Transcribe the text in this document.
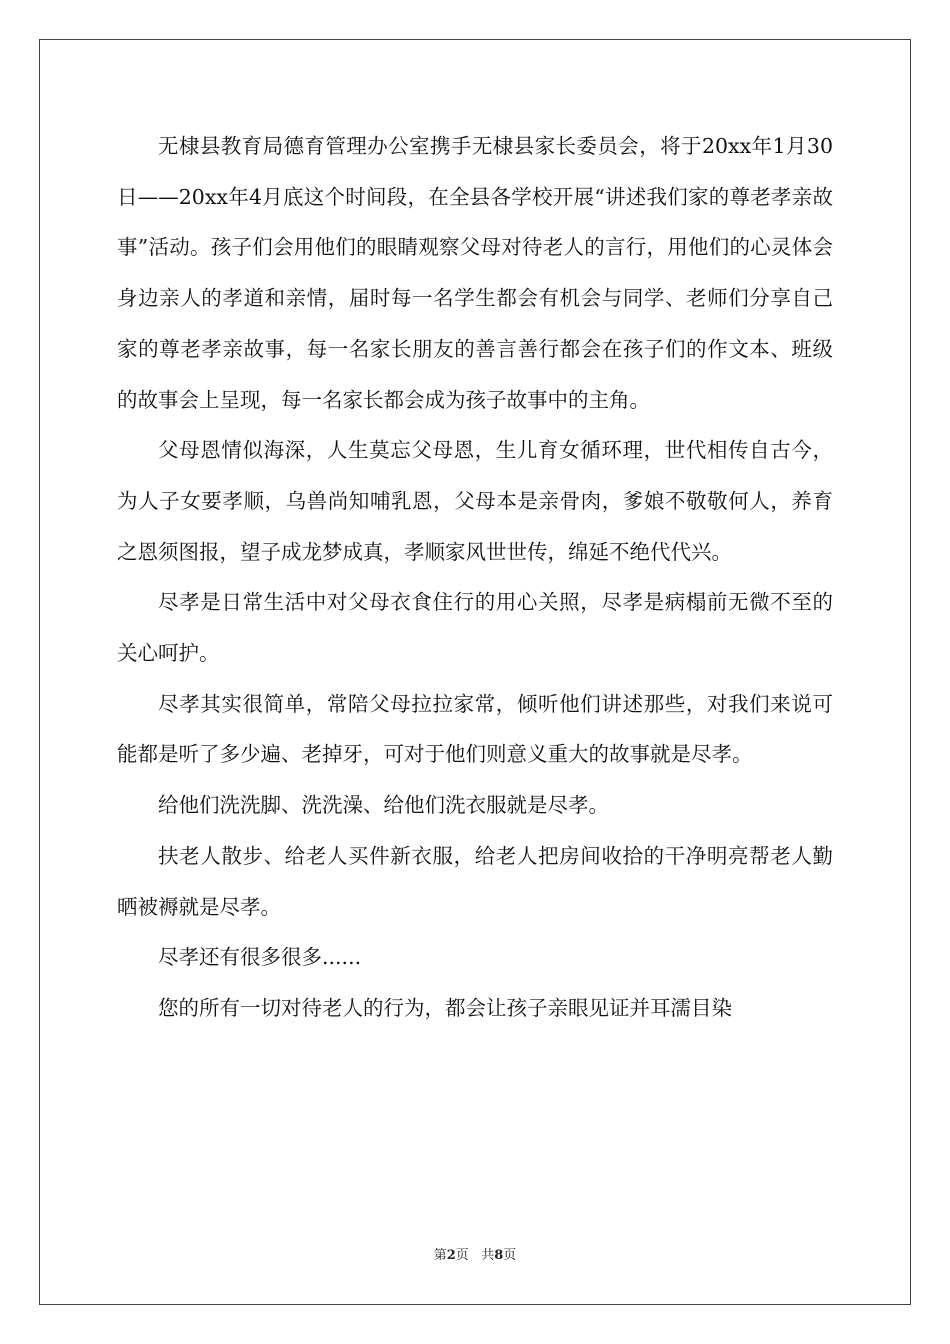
无棣县教育局德育管理办公室携手无棣县家长委员会，将于20xx年1月30日——20xx年4月底这个时间段，在全县各学校开展“讲述我们家的尊老孝亲故事”活动。孩子们会用他们的眼睛观察父母对待老人的言行，用他们的心灵体会身边亲人的孝道和亲情，届时每一名学生都会有机会与同学、老师们分享自己家的尊老孝亲故事，每一名家长朋友的善言善行都会在孩子们的作文本、班级的故事会上呈现，每一名家长都会成为孩子故事中的主角。

父母恩情似海深，人生莫忘父母恩，生儿育女循环理，世代相传自古今，为人子女要孝顺，乌兽尚知哺乳恩，父母本是亲骨肉，爹娘不敬敬何人，养育之恩须图报，望子成龙梦成真，孝顺家风世世传，绵延不绝代代兴。

尽孝是日常生活中对父母衣食住行的用心关照，尽孝是病榻前无微不至的关心呵护。

尽孝其实很简单，常陪父母拉拉家常，倾听他们讲述那些，对我们来说可能都是听了多少遍、老掉牙，可对于他们则意义重大的故事就是尽孝。

给他们洗洗脚、洗洗澡、给他们洗衣服就是尽孝。

扶老人散步、给老人买件新衣服，给老人把房间收拾的干净明亮帮老人勤晒被褥就是尽孝。

尽孝还有很多很多......

您的所有一切对待老人的行为，都会让孩子亲眼见证并耳濡目染

第2页 共8页
